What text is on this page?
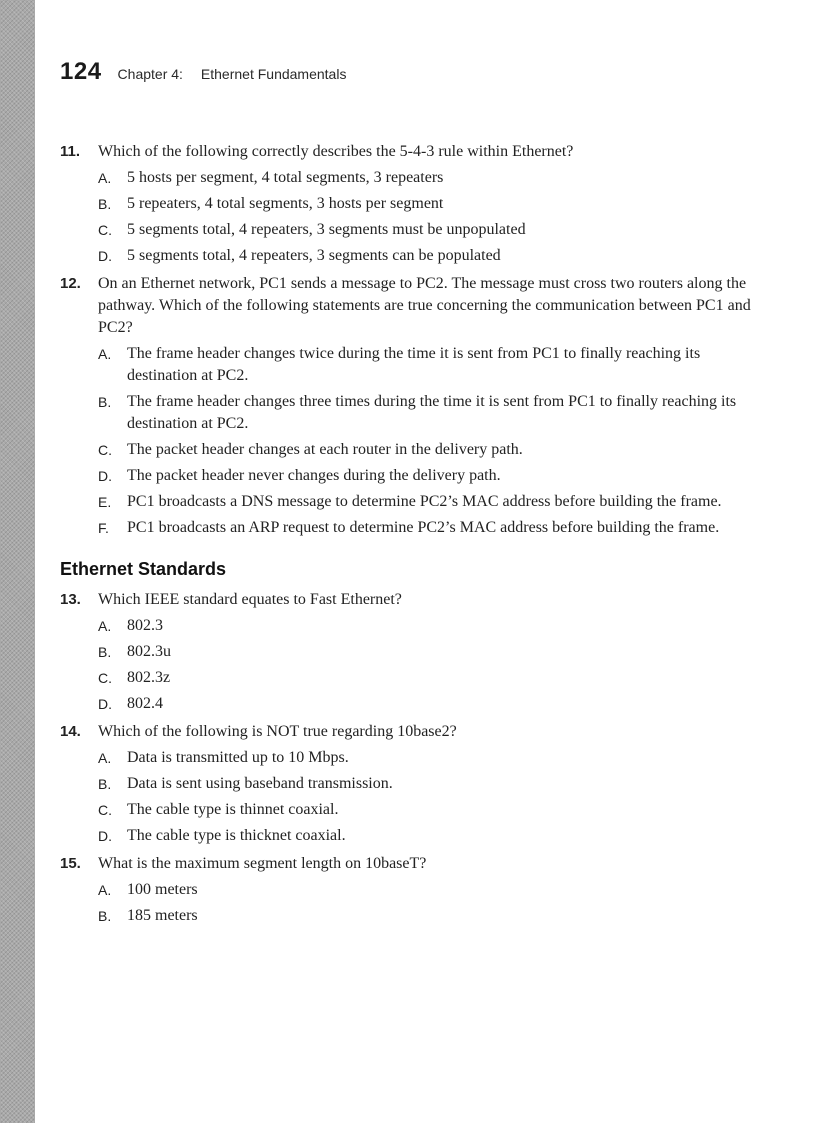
124 Chapter 4: Ethernet Fundamentals
11. Which of the following correctly describes the 5-4-3 rule within Ethernet?
A. 5 hosts per segment, 4 total segments, 3 repeaters
B. 5 repeaters, 4 total segments, 3 hosts per segment
C. 5 segments total, 4 repeaters, 3 segments must be unpopulated
D. 5 segments total, 4 repeaters, 3 segments can be populated
12. On an Ethernet network, PC1 sends a message to PC2. The message must cross two routers along the pathway. Which of the following statements are true concerning the communication between PC1 and PC2?
A. The frame header changes twice during the time it is sent from PC1 to finally reaching its destination at PC2.
B. The frame header changes three times during the time it is sent from PC1 to finally reaching its destination at PC2.
C. The packet header changes at each router in the delivery path.
D. The packet header never changes during the delivery path.
E. PC1 broadcasts a DNS message to determine PC2’s MAC address before building the frame.
F. PC1 broadcasts an ARP request to determine PC2’s MAC address before building the frame.
Ethernet Standards
13. Which IEEE standard equates to Fast Ethernet?
A. 802.3
B. 802.3u
C. 802.3z
D. 802.4
14. Which of the following is NOT true regarding 10base2?
A. Data is transmitted up to 10 Mbps.
B. Data is sent using baseband transmission.
C. The cable type is thinnet coaxial.
D. The cable type is thicknet coaxial.
15. What is the maximum segment length on 10baseT?
A. 100 meters
B. 185 meters
